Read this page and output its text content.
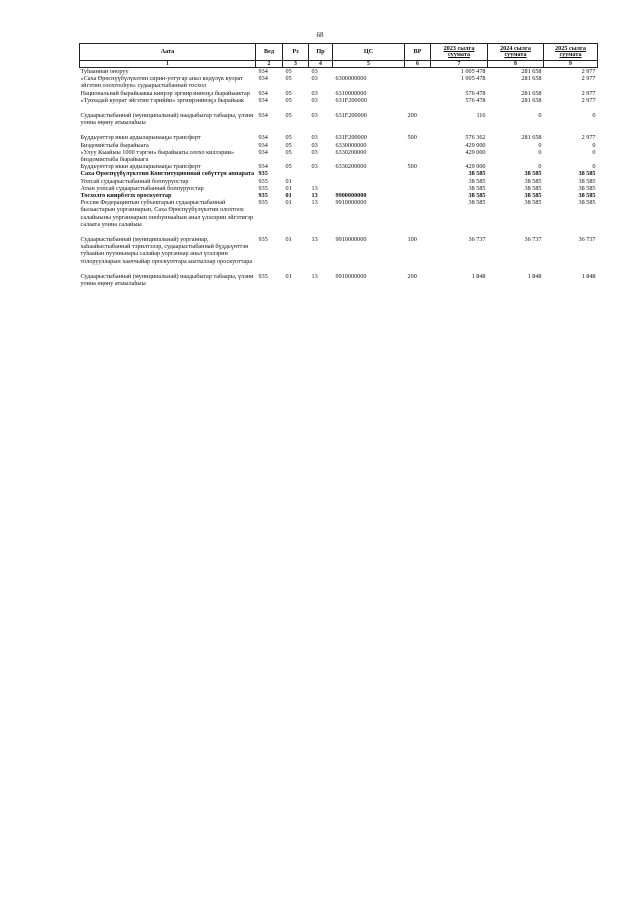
68
Аата	Вед	Рз	Пр	ЦС	ВР	2023 сылга суумата	2024 сылга суумата	2025 сылга суумата
1	2	3	4	5	6	7	8	9
Туһааннан оноруу	934	05	03			1 005 478	281 658	2 977
«Саха Өрөспүүбүлүкэтин сирин-уотугар анал көдүлүк куорат эйгэтин олохтооһун» судаарыстыбаннай тосхол	934	05	03	6300000000		1 005 478	281 658	2 977
Национальнай бырайыакка киирэр эргиирэнинэҕэ бырайыактар	934	05	03	6310000000		576 478	281 658	2 977
«Туохадай куорат эйгэтин тэриййн» эргиирэнинэҕэ бырайыак	934	05	03	631F200000		576 478	281 658	2 977
Судаарыстыбаннай (муниципальнай) наадыбыгар табаары, үлэни уонна өңөну атыылаһыы	934	05	03	631F200000	200	116	0	0
Бүддьүөттэр икки ардыларынааҕы трансферт	934	05	03	631F200000	500	576 362	281 658	2 977
Биэдомистыба бырайыага	934	05	03	6330000000		429 000	0	0
«Улуу Кыайыы 1000 тэргэн» бырайыагы олохо киллэрии» биэдомистыба бырайыага	934	05	03	6330200000		429 000	0	0
Бүддьүөттэр икки ардыларынааҕы трансферт	934	05	03	6330200000	500	429 000	0	0
Саха Өрөспүүбүлүкэтин Конституционнай сөбүттүн аппарата	935					38 585	38 585	38 585
Уопсай судаарыстыбаннай боппуруостар	935	01				38 585	38 585	38 585
Атын уопсай судаарыстыбаннай боппуруостар	935	01	13			38 585	38 585	38 585
Тосхолго киирбэтэх ороскуоттар	935	01	13	9900000000		38 585	38 585	38 585
Россия Федерациятын субъектарын судаарыстыбаннай былаастарын уорганнарын, Саха Өрөспүүбүлүкэтин олохтоох салайыыны уорганнарын оноһуннааһын анал үлэлэрин эйгэтигэр салаата уонна салайыы	935	01	13	9910000000		38 585	38 585	38 585
Судаарыстыбаннай (муниципальнай) уорганнар, хаһаайыстыбаннай тэрилтэлэр, судаарыстыбаннай бүддьүөттэн туһаайан пуунньнары салайар уорганнар анал үлэлэрин толоруулларын хааччыйар ороскуоттара ыытыллар ороскуоттара	935	01	13	9910000000	100	36 737	36 737	36 737
Судаарыстыбаннай (муниципальнай) наадыбыгар табаары, үлэни уонна өңөну атыылаһыы	935	01	13	9910000000	200	1 848	1 848	1 848
